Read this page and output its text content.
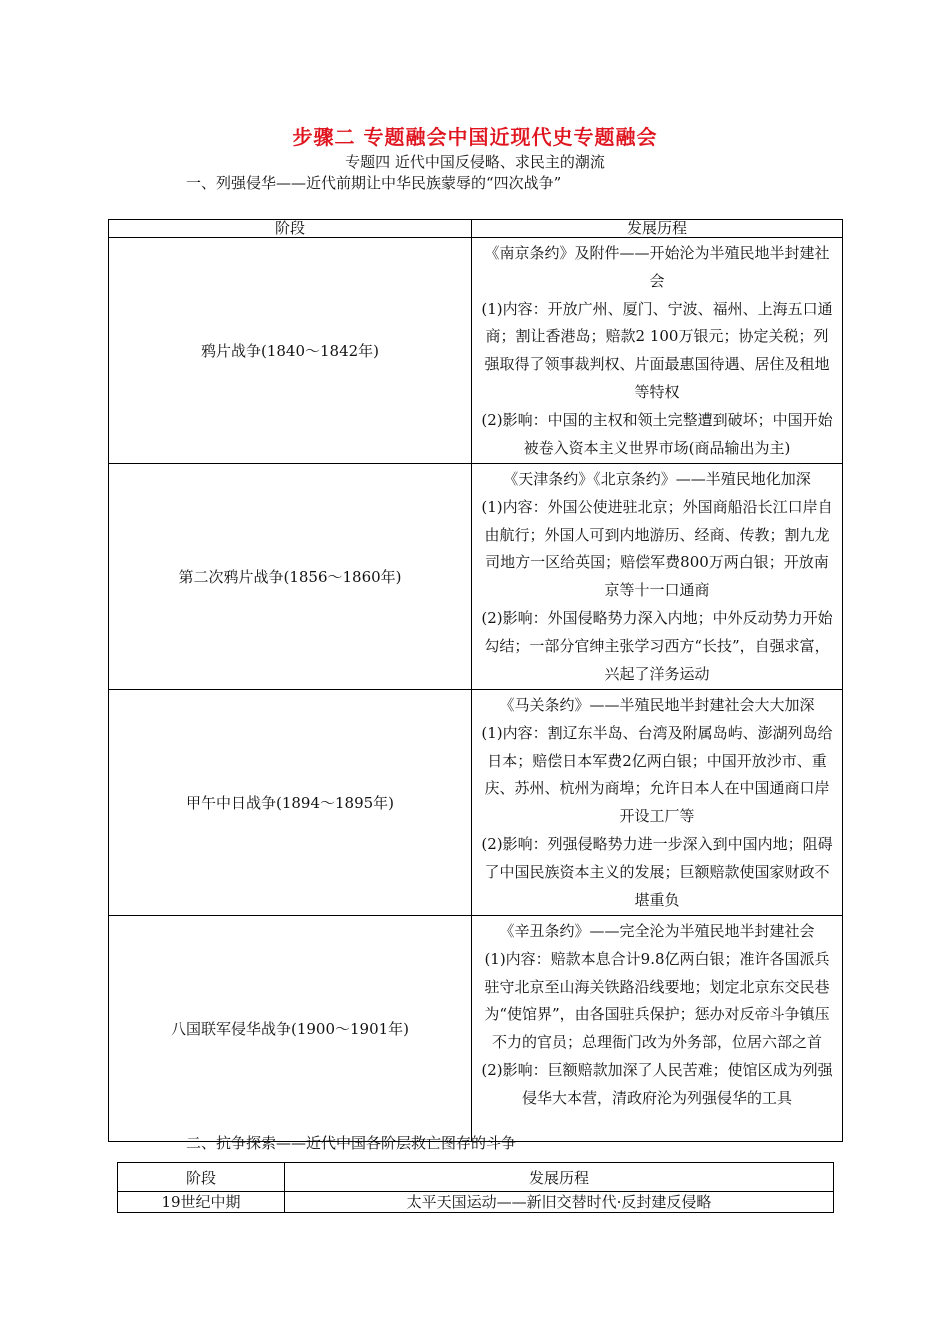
步骤二 专题融会中国近现代史专题融会
专题四 近代中国反侵略、求民主的潮流
一、列强侵华——近代前期让中华民族蒙辱的“四次战争”
阶段	发展历程
鸦片战争(1840～1842年)	《南京条约》及附件——开始沦为半殖民地半封建社会

(1)内容：开放广州、厦门、宁波、福州、上海五口通商；割让香港岛；赔款2 100万银元；协定关税；列强取得了领事裁判权、片面最惠国待遇、居住及租地等特权

(2)影响：中国的主权和领土完整遭到破坏；中国开始被卷入资本主义世界市场(商品输出为主)

第二次鸦片战争(1856～1860年)	《天津条约》《北京条约》——半殖民地化加深

(1)内容：外国公使进驻北京；外国商船沿长江口岸自由航行；外国人可到内地游历、经商、传教；割九龙司地方一区给英国；赔偿军费800万两白银；开放南京等十一口通商

(2)影响：外国侵略势力深入内地；中外反动势力开始勾结；一部分官绅主张学习西方“长技”，自强求富，兴起了洋务运动

甲午中日战争(1894～1895年)	《马关条约》——半殖民地半封建社会大大加深

(1)内容：割辽东半岛、台湾及附属岛屿、澎湖列岛给日本；赔偿日本军费2亿两白银；中国开放沙市、重庆、苏州、杭州为商埠；允许日本人在中国通商口岸开设工厂等

(2)影响：列强侵略势力进一步深入到中国内地；阻碍了中国民族资本主义的发展；巨额赔款使国家财政不堪重负

八国联军侵华战争(1900～1901年)	《辛丑条约》——完全沦为半殖民地半封建社会

(1)内容：赔款本息合计9.8亿两白银；准许各国派兵驻守北京至山海关铁路沿线要地；划定北京东交民巷为“使馆界”，由各国驻兵保护；惩办对反帝斗争镇压不力的官员；总理衙门改为外务部，位居六部之首

(2)影响：巨额赔款加深了人民苦难；使馆区成为列强侵华大本营，清政府沦为列强侵华的工具

二、抗争探索——近代中国各阶层救亡图存的斗争
阶段	发展历程
19世纪中期	太平天国运动——新旧交替时代·反封建反侵略
